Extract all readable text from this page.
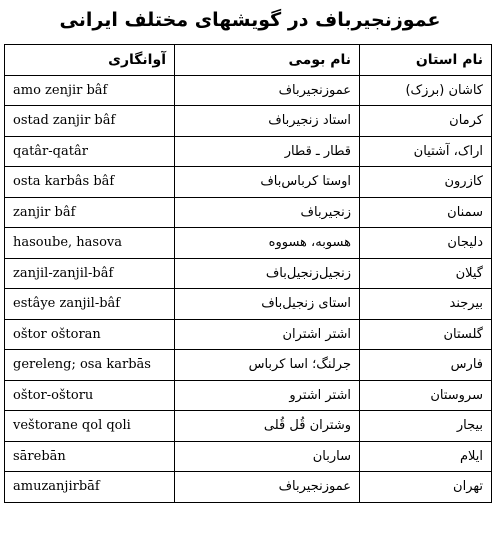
عموزنجیرباف در گویشهای مختلف ایرانی
آوانگاری	نام بومی	نام استان
amo zenjir bâf	عموزنجیرباف	کاشان (برزک)
ostad zanjir bâf	استاد زنجیرباف	کرمان
qatâr-qatâr	قطار ـ قطار	اراک، آشتیان
osta karbâs bâf	اوستا کرباس‌باف	کازرون
zanjir bâf	زنجیرباف	سمنان
hasoube, hasova	هسوبه، هسووه	دلیجان
zanjil-zanjil-bâf	زنجیل‌زنجیل‌باف	گیلان
estâye zanjil-bâf	استای زنجیل‌باف	بیرجند
oštor oštoran	اشتر اشتران	گلستان
gereleng; osa karbās	جرلنگ؛ اسا کرباس	فارس
oštor-oštoru	اشتر اشترو	سروستان
veštorane qol qoli	وشتران قُل قُلی	بیجار
sārebān	ساربان	ایلام
amuzanjirbāf	عموزنجیرباف	تهران
